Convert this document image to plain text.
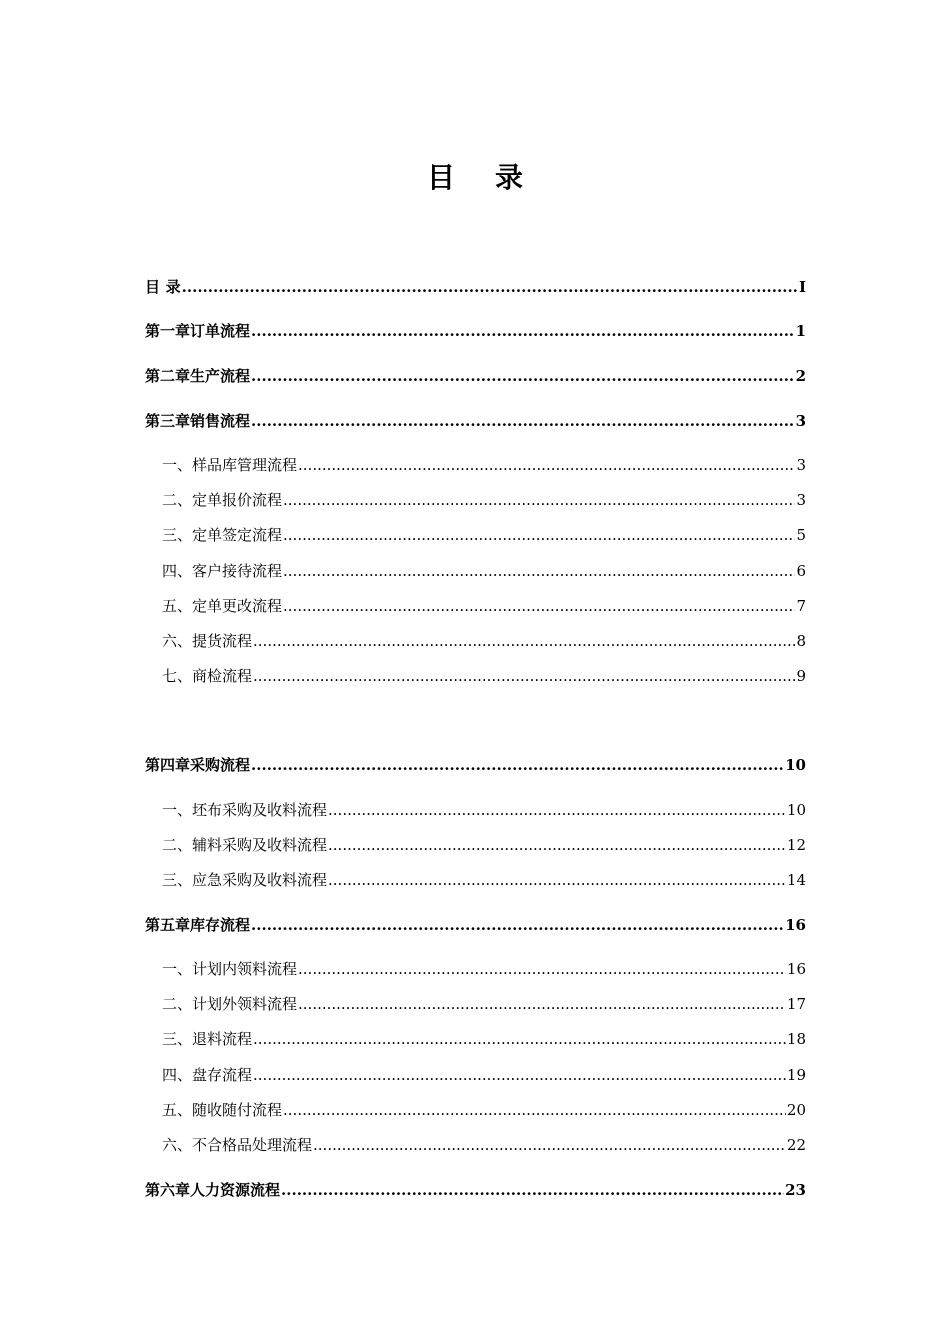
目 录
目 录 .....	I
第一章 订单流程 .....	1
第二章 生产流程 .....	2
第三章 销售流程 .....	3
一、样品库管理流程 .....	3
二、定单报价流程 .....	3
三、定单签定流程 .....	5
四、客户接待流程 .....	6
五、定单更改流程 .....	7
六、提货流程 .....	8
七、商检流程 .....	9
第四章 采购流程 .....	10
一、坯布采购及收料流程 .....	10
二、辅料采购及收料流程 .....	12
三、应急采购及收料流程 .....	14
第五章 库存流程 .....	16
一、计划内领料流程 .....	16
二、计划外领料流程 .....	17
三、退料流程 .....	18
四、盘存流程 .....	19
五、随收随付流程 .....	20
六、不合格品处理流程 .....	22
第六章 人力资源流程 .....	23
